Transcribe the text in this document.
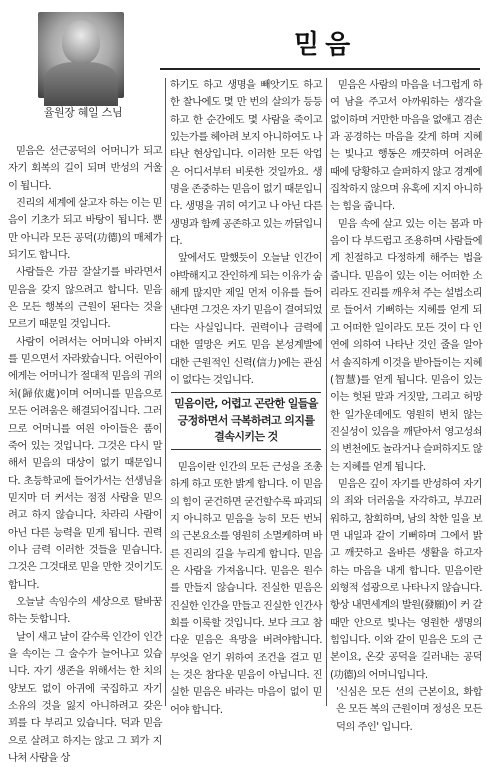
율원장 혜일 스님
믿음

믿음은 선근공덕의 어머니가 되고 자기 회복의 길이 되며 반성의 거울이 됩니다.

진리의 세계에 살고자 하는 이는 믿음이 기초가 되고 바탕이 됩니다. 뿐만 아니라 모든 공덕(功德)의 매체가 되기도 합니다.

사람들은 가끔 잘살기를 바라면서 믿음을 갖지 않으려고 합니다. 믿음은 모든 행복의 근원이 된다는 것을 모르기 때문일 것입니다.

사람이 어려서는 어머니와 아버지를 믿으면서 자라왔습니다. 어린아이에게는 어머니가 절대적 믿음의 귀의처(歸依處)이며 어머니를 믿음으로 모든 어려움은 해결되어집니다. 그러므로 어머니를 여읜 아이들은 품이 죽어 있는 것입니다. 그것은 다시 말해서 믿음의 대상이 없기 때문입니다. 초등학교에 들어가서는 선생님을 믿지마 더 커서는 점점 사람을 믿으려고 하지 않습니다. 차라리 사람이 아닌 다른 능력을 믿게 됩니다. 권력이나 금력 이러한 것들을 믿습니다. 그것은 그것대로 믿을 만한 것이기도 합니다.

오늘날 속임수의 세상으로 탈바꿈하는 듯합니다.

날이 새고 날이 갈수록 인간이 인간을 속이는 그 술수가 늘어나고 있습니다. 자기 생존을 위해서는 한 치의 양보도 없이 아귀에 국집하고 자기 소유의 것을 잃지 아니하려고 갖은 꾀를 다 부리고 있습니다. 덕과 믿음으로 살려고 하지는 않고 그 꾀가 지나쳐 사람을 상

하기도 하고 생명을 빼앗기도 하고 한 찰나에도 몇 만 번의 살의가 등등하고 한 순간에도 몇 사람을 죽이고 있는가를 헤아려 보지 아니하여도 나타난 현상입니다. 이러한 모든 악업은 어디서부터 비롯한 것일까요. 생명을 존중하는 믿음이 없기 때문입니다. 생명을 귀히 여기고 나 아닌 다른 생명과 함께 공존하고 있는 까닭입니다.

앞에서도 말했듯이 오늘날 인간이 야박해지고 잔인하게 되는 이유가 숨해게 많지만 제일 먼저 이유를 들어낸다면 그것은 자기 믿음이 결여되었다는 사실입니다. 권력이나 금력에 대한 열망은 커도 믿음 본성계발에 대한 근원적인 신력(信力)에는 관심이 없다는 것입니다.

믿음이란, 어렵고 곤란한 일들을 긍정하면서 극복하려고 의지를 결속시키는 것

믿음이란 인간의 모든 근성을 조총하게 하고 또한 밝게 합니다. 이 믿음의 힘이 굳건하면 굳건할수록 파괴되지 아니하고 믿음을 능히 모든 번뇌의 근본요소를 영원히 소멸케하며 바른 진리의 길을 누리게 합니다. 믿음은 사람을 가져옵니다. 믿음은 원수를 만들지 않습니다. 진실한 믿음은 진실한 인간을 만들고 진실한 인간사회를 이룩할 것입니다. 보다 크고 참다운 믿음은 욕망을 버려야합니다. 무엇을 얻기 위하여 조건을 걸고 믿는 것은 참다운 믿음이 아닙니다. 진실한 믿음은 바라는 마음이 없이 믿어야 합니다.

믿음은 사람의 마음을 너그럽게 하여 남을 주고서 아까워하는 생각을 없이하며 거만한 마음을 없애고 겸손과 공경하는 마음을 갖게 하며 지혜는 빛나고 행동은 깨끗하며 어려운 때에 당황하고 슬퍼하지 않고 경계에 집착하지 않으며 유혹에 지지 아니하는 힘을 줍니다.

믿음 속에 살고 있는 이는 몸과 마음이 다 부드럽고 조용하며 사람들에게 친절하고 다정하게 해주는 법을 줍니다. 믿음이 있는 이는 어떠한 소리라도 진리를 깨우쳐 주는 설법소리로 들어서 기뻐하는 지혜를 얻게 되고 어떠한 일이라도 모든 것이 다 인연에 의하여 나타난 것인 줄을 알아서 솔직하게 이것을 받아들이는 지혜(智慧)를 얻게 됩니다. 믿음이 있는 이는 헛된 말과 거짓말, 그리고 허망한 일가운데에도 영원히 변치 않는 진실성이 있음을 깨닫아서 영고성쇠의 변천에도 놀라거나 슬퍼하지도 않는 지혜를 얻게 됩니다.

믿음은 깊이 자기를 반성하여 자기의 죄와 더러움을 자각하고, 부끄러워하고, 참회하며, 남의 착한 일을 보면 내일과 같이 기뻐하며 그에서 밝고 깨끗하고 올바른 생활을 하고자 하는 마음을 내게 합니다. 믿음이란 외형적 섭광으로 나타나지 않습니다. 항상 내면세계의 발원(發願)이 커 갈 때만 안으로 빛나는 영원한 생명의 힘입니다. 이와 같이 믿음은 도의 근본이요, 온갖 공덕을 길러내는 공덕(功德)의 어머니입니다.

'신심은 모든 선의 근본이요, 화합은 모든 복의 근원이며 정성은 모든 덕의 주인' 입니다.
